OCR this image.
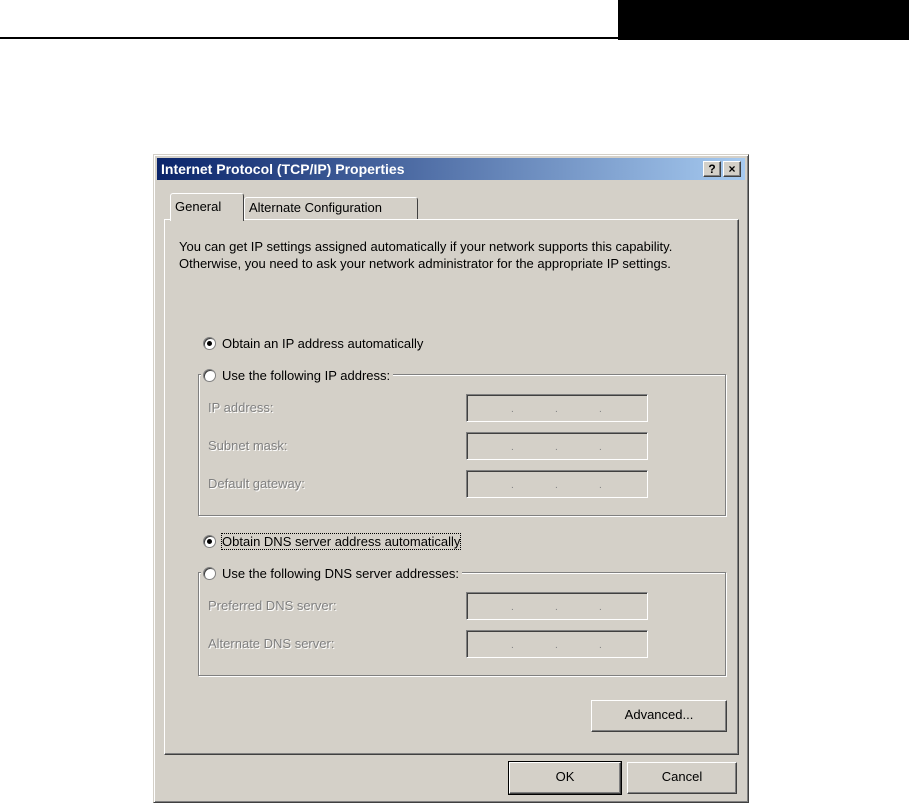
Internet Protocol (TCP/IP) Properties	?	×
General	Alternate Configuration
You can get IP settings assigned automatically if your network supports this capability. Otherwise, you need to ask your network administrator for the appropriate IP settings.
Obtain an IP address automatically
Use the following IP address:
IP address:	.	.	.
Subnet mask:	.	.	.
Default gateway:	.	.	.
Obtain DNS server address automatically
Use the following DNS server addresses:
Preferred DNS server:	.	.	.
Alternate DNS server:	.	.	.
Advanced...
OK	Cancel
